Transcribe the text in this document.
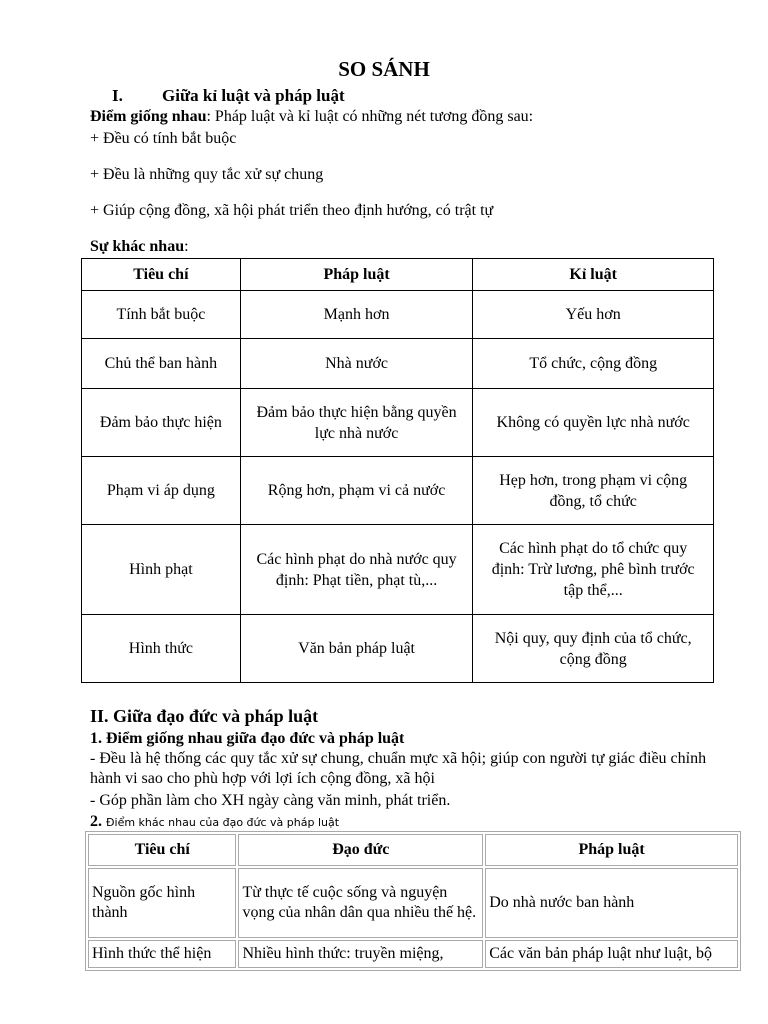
SO SÁNH
I. Giữa kỉ luật và pháp luật
Điểm giống nhau: Pháp luật và kỉ luật có những nét tương đồng sau:
+ Đều có tính bắt buộc
+ Đều là những quy tắc xử sự chung
+ Giúp cộng đồng, xã hội phát triển theo định hướng, có trật tự
Sự khác nhau:
Tiêu chí	Pháp luật	Kỉ luật
Tính bắt buộc	Mạnh hơn	Yếu hơn
Chủ thể ban hành	Nhà nước	Tổ chức, cộng đồng
Đảm bảo thực hiện	Đảm bảo thực hiện bằng quyền lực nhà nước	Không có quyền lực nhà nước
Phạm vi áp dụng	Rộng hơn, phạm vi cả nước	Hẹp hơn, trong phạm vi cộng đồng, tổ chức
Hình phạt	Các hình phạt do nhà nước quy định: Phạt tiền, phạt tù,...	Các hình phạt do tổ chức quy định: Trừ lương, phê bình trước tập thể,...
Hình thức	Văn bản pháp luật	Nội quy, quy định của tổ chức, cộng đồng
II. Giữa đạo đức và pháp luật
1. Điểm giống nhau giữa đạo đức và pháp luật
- Đều là hệ thống các quy tắc xử sự chung, chuẩn mực xã hội; giúp con người tự giác điều chỉnh hành vi sao cho phù hợp với lợi ích cộng đồng, xã hội
- Góp phần làm cho XH ngày càng văn minh, phát triển.
2. Điểm khác nhau của đạo đức và pháp luật
Tiêu chí	Đạo đức	Pháp luật
Nguồn gốc hình thành	Từ thực tế cuộc sống và nguyện vọng của nhân dân qua nhiều thế hệ.	Do nhà nước ban hành
Hình thức thể hiện	Nhiều hình thức: truyền miệng,	Các văn bản pháp luật như luật, bộ
